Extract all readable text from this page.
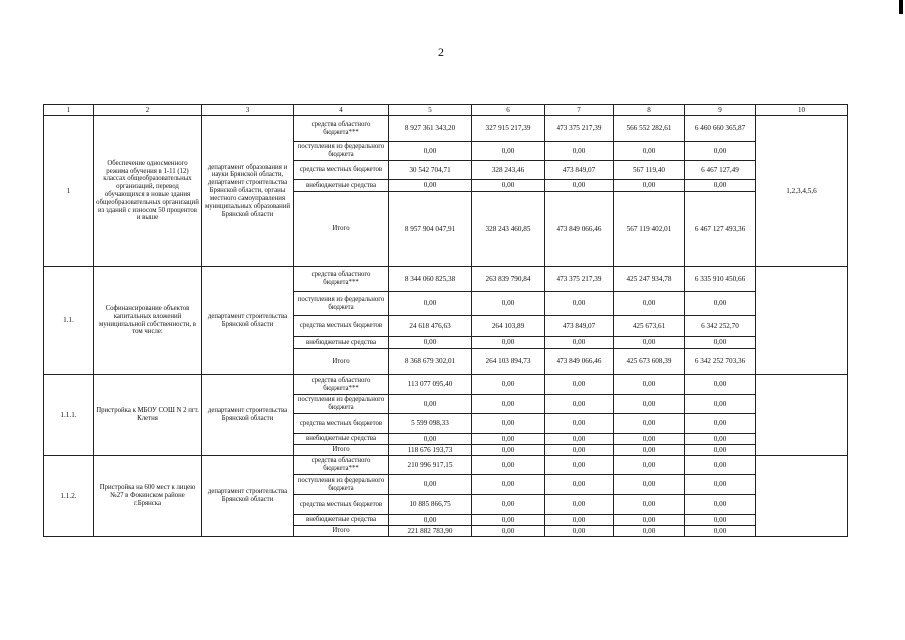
2
1	2	3	4	5	6	7	8	9	10
1	Обеспечение односменного режима обучения в 1-11 (12) классах общеобразовательных организаций, перевод обучающихся в новые здания общеобразовательных организаций из зданий с износом 50 процентов и выше	департамент образования и науки Брянской области, департамент строительства Брянской области, органы местного самоуправления муниципальных образований Брянской области	средства областного бюджета***	8 927 361 343,20	327 915 217,39	473 375 217,39	566 552 282,61	6 460 660 365,87	1,2,3,4,5,6
			поступления из федерального бюджета	0,00	0,00	0,00	0,00	0,00	
			средства местных бюджетов	30 542 704,71	328 243,46	473 849,07	567 119,40	6 467 127,49	
			внебюджетные средства	0,00	0,00	0,00	0,00	0,00	
			Итого	8 957 904 047,91	328 243 460,85	473 849 066,46	567 119 402,01	6 467 127 493,36	
1.1.	Софинансирование объектов капитальных вложений муниципальной собственности, в том числе:	департамент строительства Брянской области	средства областного бюджета***	8 344 060 825,38	263 839 790,84	473 375 217,39	425 247 934,78	6 335 910 450,66	
			поступления из федерального бюджета	0,00	0,00	0,00	0,00	0,00	
			средства местных бюджетов	24 618 476,63	264 103,89	473 849,07	425 673,61	6 342 252,70	
			внебюджетные средства	0,00	0,00	0,00	0,00	0,00	
			Итого	8 368 679 302,01	264 103 894,73	473 849 066,46	425 673 608,39	6 342 252 703,36	
1.1.1.	Пристройка к МБОУ СОШ N 2 пгт. Клетня	департамент строительства Брянской области	средства областного бюджета***	113 077 095,40	0,00	0,00	0,00	0,00	
			поступления из федерального бюджета	0,00	0,00	0,00	0,00	0,00	
			средства местных бюджетов	5 599 098,33	0,00	0,00	0,00	0,00	
			внебюджетные средства	0,00	0,00	0,00	0,00	0,00	
			Итого	118 676 193,73	0,00	0,00	0,00	0,00	
1.1.2.	Пристройка на 600 мест к лицею №27 в Фокинском районе г.Брянска	департамент строительства Брянской области	средства областного бюджета***	210 996 917,15	0,00	0,00	0,00	0,00	
			поступления из федерального бюджета	0,00	0,00	0,00	0,00	0,00	
			средства местных бюджетов	10 885 866,75	0,00	0,00	0,00	0,00	
			внебюджетные средства	0,00	0,00	0,00	0,00	0,00	
			Итого	221 882 783,90	0,00	0,00	0,00	0,00	
